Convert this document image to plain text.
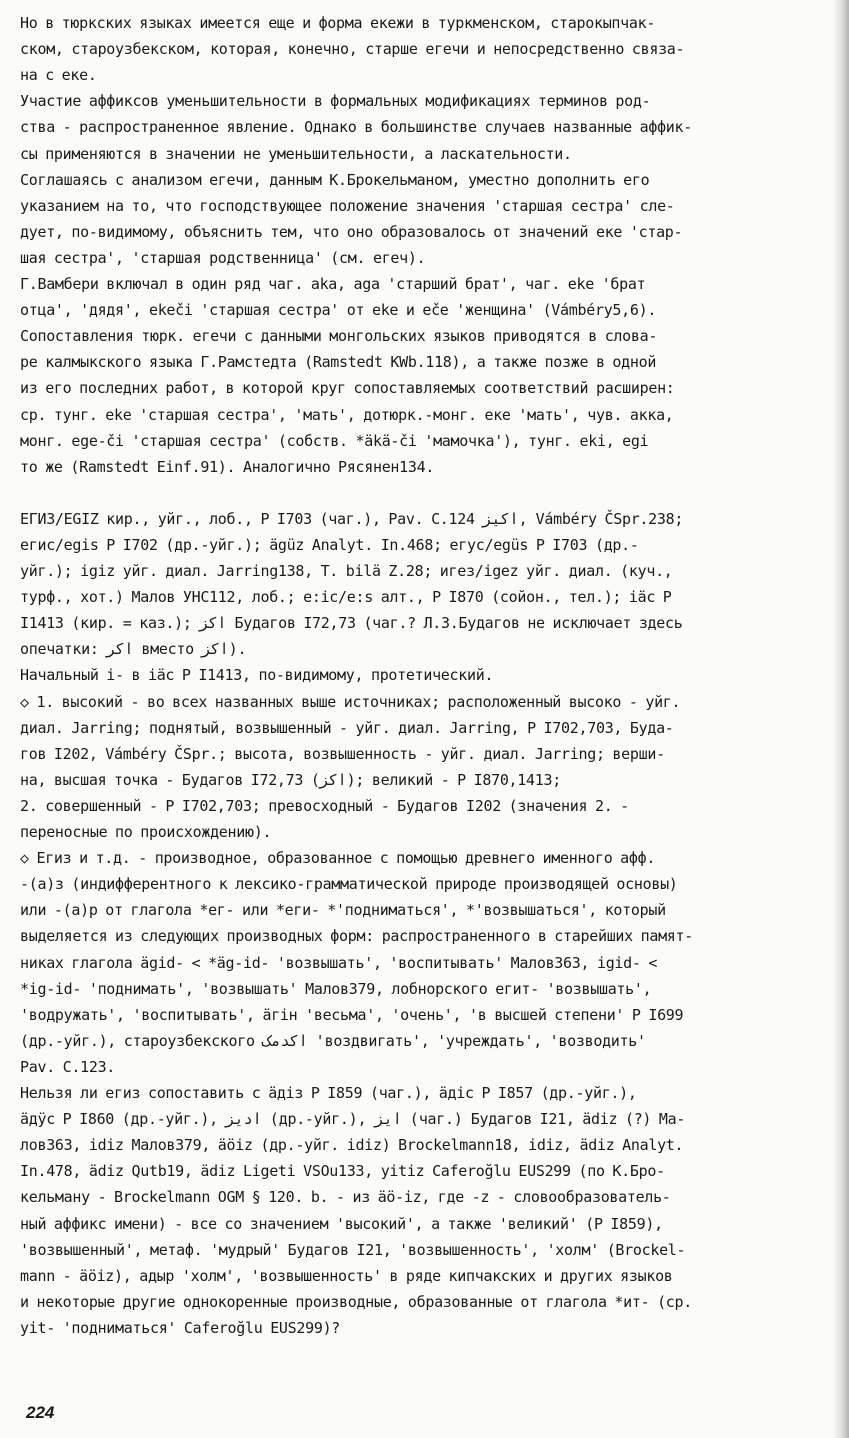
Но в тюркских языках имеется еще и форма екежи в туркменском, старокыпчак-
ском, староузбекском, которая, конечно, старше егечи и непосредственно связа-
на с еке.
Участие аффиксов уменьшительности в формальных модификациях терминов род-
ства - распространенное явление. Однако в большинстве случаев названные аффик-
сы применяются в значении не уменьшительности, а ласкательности.
Соглашаясь с анализом егечи, данным К.Брокельманом, уместно дополнить его
указанием на то, что господствующее положение значения 'старшая сестра' сле-
дует, по-видимому, объяснить тем, что оно образовалось от значений еке 'стар-
шая сестра', 'старшая родственница' (см. егеч).
Г.Вамбери включал в один ряд чаг. aka, aga 'старший брат', чаг. eke 'брат
отца', 'дядя', ekeči 'старшая сестра' от eke и eče 'женщина' (Vámbéry5,6).
Сопоставления тюрк. егечи с данными монгольских языков приводятся в слова-
ре калмыкского языка Г.Рамстедта (Ramstedt KWb.118), а также позже в одной
из его последних работ, в которой круг сопоставляемых соответствий расширен:
ср. тунг. eke 'старшая сестра', 'мать', дотюрк.-монг. еке 'мать', чув. акка,
монг. ege-či 'старшая сестра' (собств. *äkä-či 'мамочка'), тунг. eki, egi
то же (Ramstedt Einf.91). Аналогично Рясянен134.
ЕГИЗ/EGIZ кир., уйг., лоб., Р I703 (чаг.), Pav. C.124 اکیز, Vámbéry ČSpr.238;
егис/egis Р I702 (др.-уйг.); ägüz Analyt. In.468; егус/egüs Р I703 (др.-
уйг.); igiz уйг. диал. Jarring138, T. bilä Z.28; игез/igez уйг. диал. (куч.,
турф., хот.) Малов УНС112, лоб.; e:iс/e:s алт., Р I870 (сойон., тел.); iäс Р
I1413 (кир. = каз.); اکز Будагов I72,73 (чаг.? Л.З.Будагов не исключает здесь
опечатки: اکر вместо اکز).
Начальный i- в iäс Р I1413, по-видимому, протетический.
◇ 1. высокий - во всех названных выше источниках; расположенный высоко - уйг.
диал. Jarring; поднятый, возвышенный - уйг. диал. Jarring, Р I702,703, Буда-
гов I202, Vámbéry ČSpr.; высота, возвышенность - уйг. диал. Jarring; верши-
на, высшая точка - Будагов I72,73 (اکز); великий - Р I870,1413;
2. совершенный - Р I702,703; превосходный - Будагов I202 (значения 2. -
переносные по происхождению).
◇ Егиз и т.д. - производное, образованное с помощью древнего именного афф.
-(а)з (индифферентного к лексико-грамматической природе производящей основы)
или -(а)р от глагола *ег- или *еги- *'подниматься', *'возвышаться', который
выделяется из следующих производных форм: распространенного в старейших памят-
никах глагола ägid- < *äg-id- 'возвышать', 'воспитывать' Малов363, igid- <
*ig-id- 'поднимать', 'возвышать' Малов379, лобнорского егит- 'возвышать',
'водружать', 'воспитывать', äгін 'весьма', 'очень', 'в высшей степени' Р I699
(др.-уйг.), староузбекского اکدمک 'воздвигать', 'учреждать', 'возводить'
Pav. C.123.
Нельзя ли егиз сопоставить с äдіз Р I859 (чаг.), äдіс Р I857 (др.-уйг.),
äдÿс Р I860 (др.-уйг.), ادیز (др.-уйг.), ایز (чаг.) Будагов I21, ädiz (?) Ма-
лов363, idiz Малов379, äöiz (др.-уйг. idiz) Brockelmann18, idiz, ädiz Analyt.
In.478, ädiz Qutb19, ädiz Ligeti VSOu133, yitiz Caferoğlu EUS299 (по К.Бро-
кельману - Brockelmann OGM § 120. b. - из äö-iz, где -z - словообразователь-
ный аффикс имени) - все со значением 'высокий', а также 'великий' (Р I859),
'возвышенный', метаф. 'мудрый' Будагов I21, 'возвышенность', 'холм' (Brockel-
mann - äöiz), адыр 'холм', 'возвышенность' в ряде кипчакских и других языков
и некоторые другие однокоренные производные, образованные от глагола *ит- (ср.
yit- 'подниматься' Caferoğlu EUS299)?
224
